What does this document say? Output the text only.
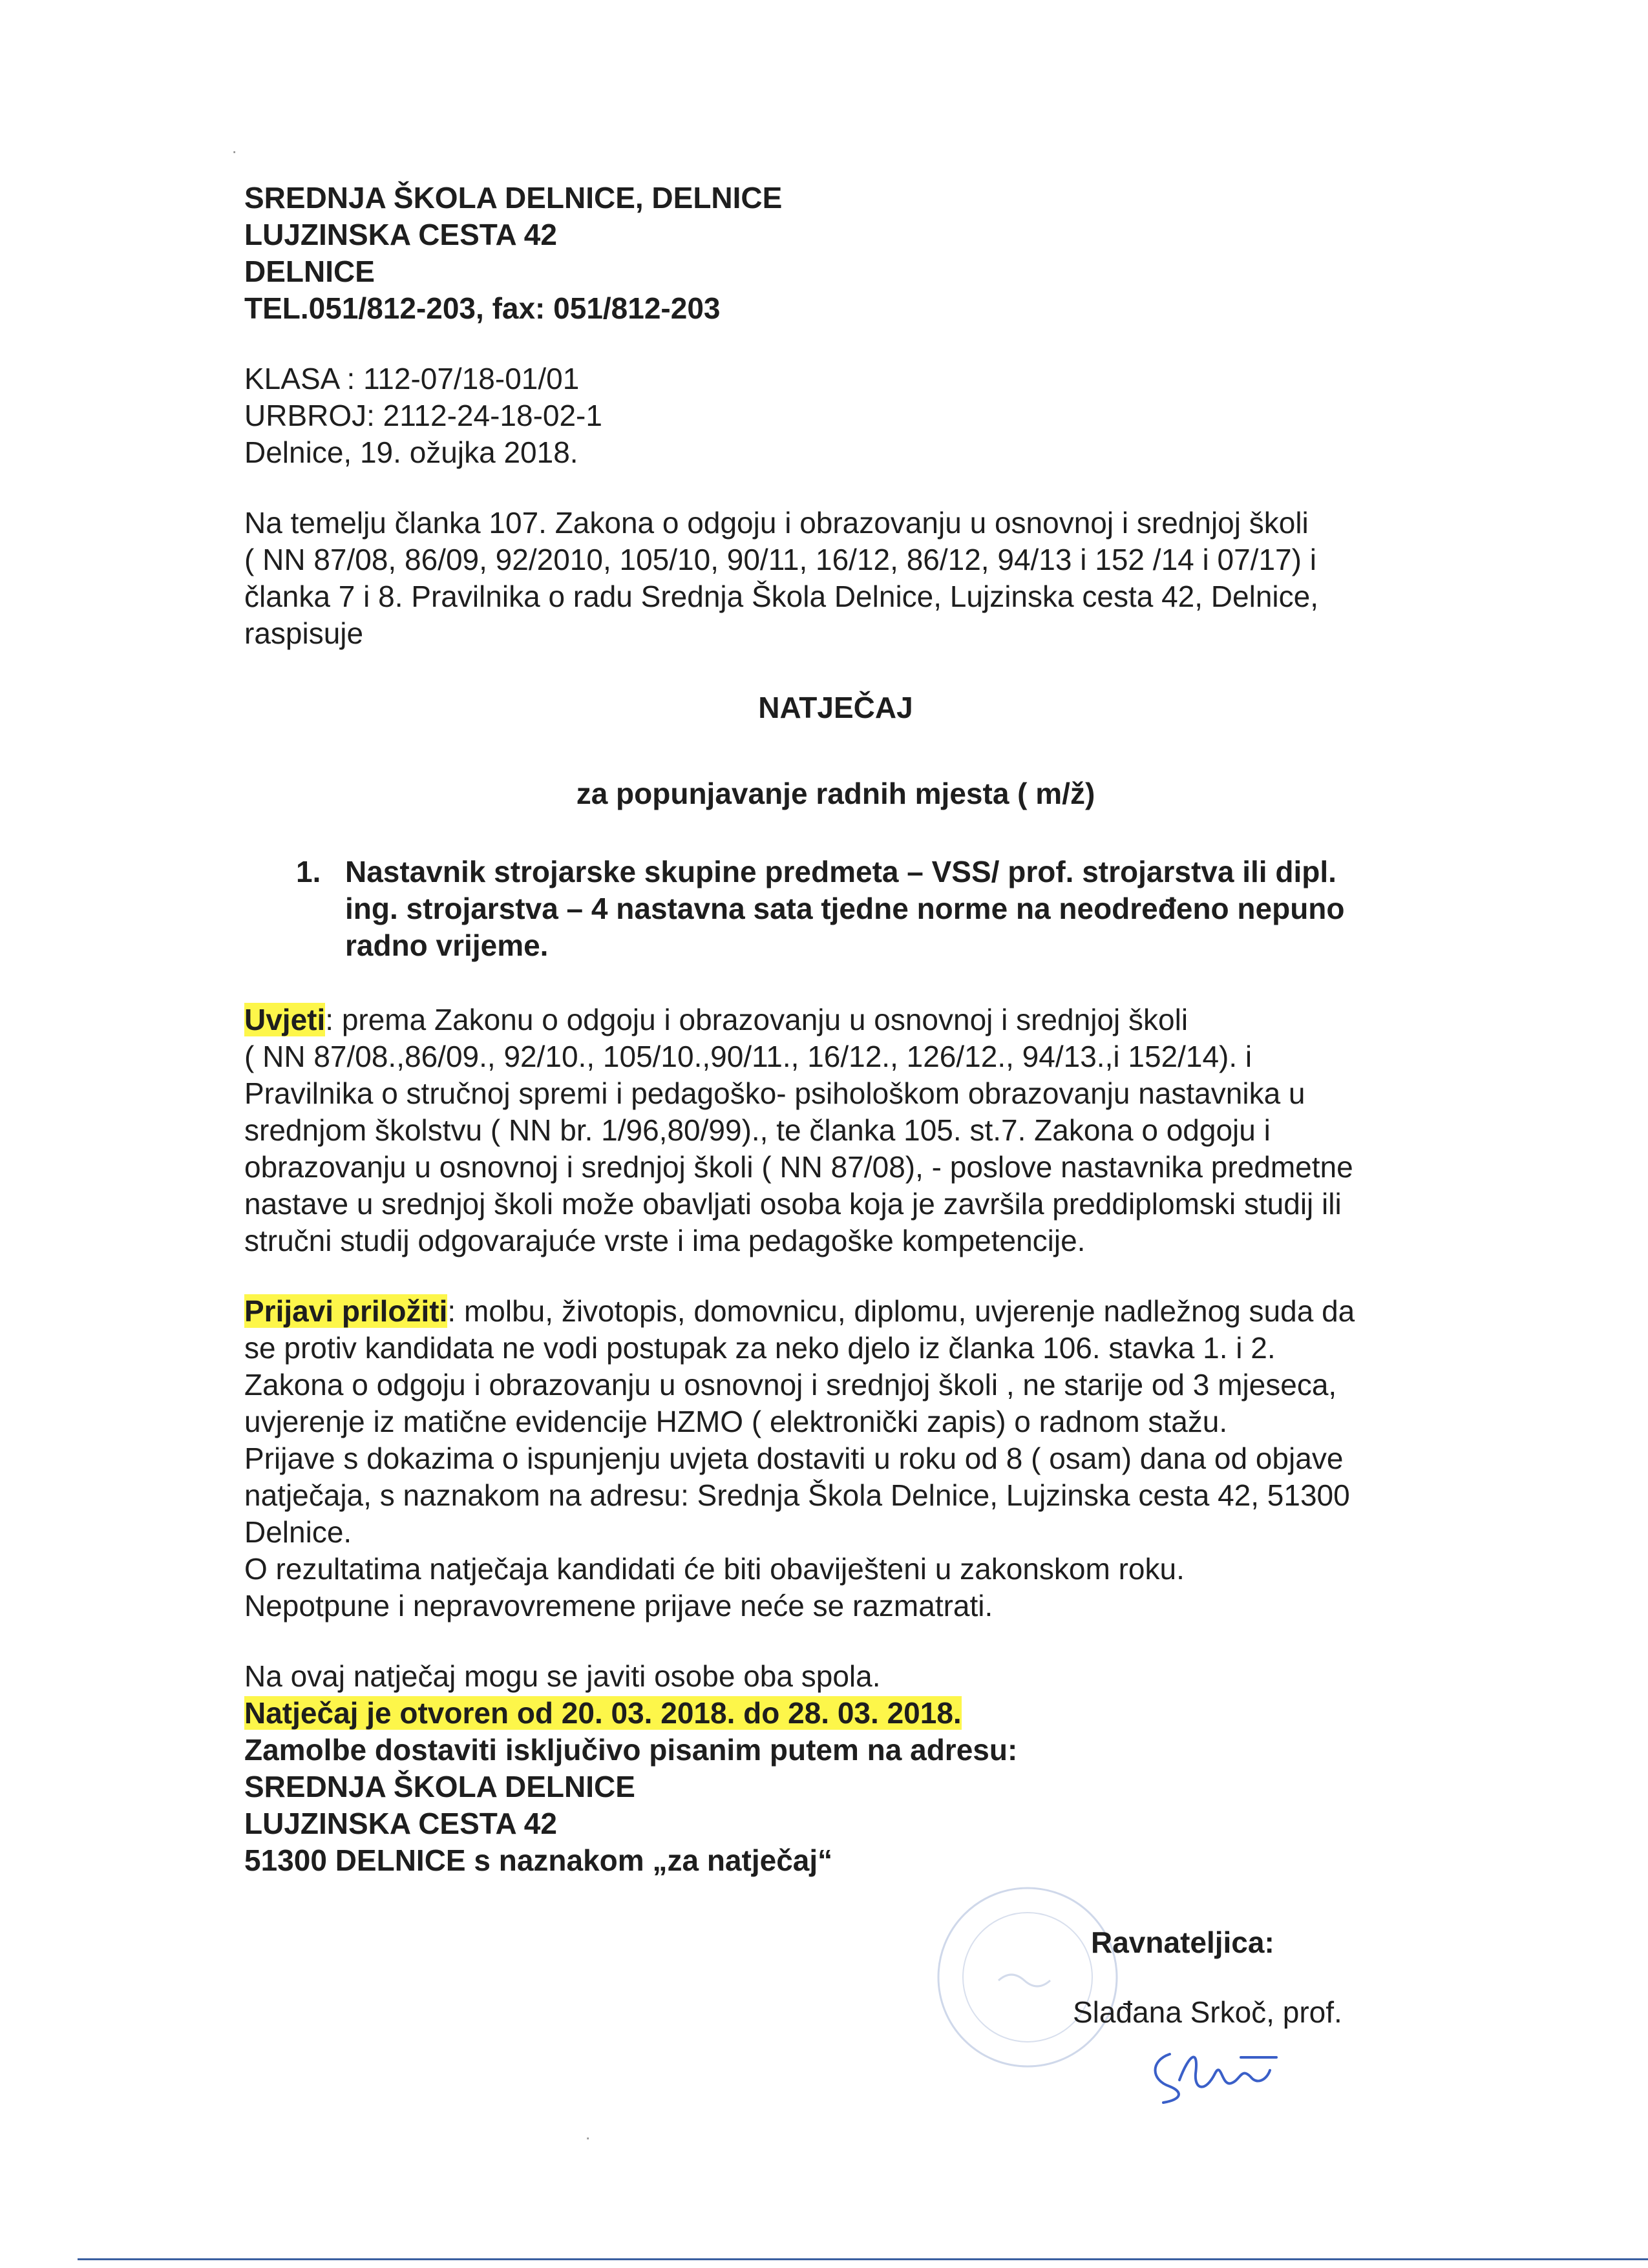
SREDNJA ŠKOLA DELNICE, DELNICE
LUJZINSKA CESTA 42
DELNICE
TEL.051/812-203, fax: 051/812-203
KLASA : 112-07/18-01/01
URBROJ: 2112-24-18-02-1
Delnice, 19. ožujka 2018.
Na temelju članka 107. Zakona o odgoju i obrazovanju u osnovnoj i srednjoj školi
( NN 87/08, 86/09, 92/2010, 105/10, 90/11, 16/12, 86/12, 94/13 i 152 /14 i 07/17) i
članka 7 i 8. Pravilnika o radu Srednja Škola Delnice, Lujzinska cesta 42, Delnice,
raspisuje
NATJEČAJ
za popunjavanje radnih mjesta ( m/ž)
1. Nastavnik strojarske skupine predmeta – VSS/ prof. strojarstva ili dipl.
ing. strojarstva – 4 nastavna sata tjedne norme na neodređeno nepuno
radno vrijeme.
Uvjeti: prema Zakonu o odgoju i obrazovanju u osnovnoj i srednjoj školi
( NN 87/08.,86/09., 92/10., 105/10.,90/11., 16/12., 126/12., 94/13.,i 152/14). i
Pravilnika o stručnoj spremi i pedagoško- psihološkom obrazovanju nastavnika u
srednjom školstvu ( NN br. 1/96,80/99)., te članka 105. st.7. Zakona o odgoju i
obrazovanju u osnovnoj i srednjoj školi ( NN 87/08), - poslove nastavnika predmetne
nastave u srednjoj školi može obavljati osoba koja je završila preddiplomski studij ili
stručni studij odgovarajuće vrste i ima pedagoške kompetencije.
Prijavi priložiti: molbu, životopis, domovnicu, diplomu, uvjerenje nadležnog suda da
se protiv kandidata ne vodi postupak za neko djelo iz članka 106. stavka 1. i 2.
Zakona o odgoju i obrazovanju u osnovnoj i srednjoj školi , ne starije od 3 mjeseca,
uvjerenje iz matične evidencije HZMO ( elektronički zapis) o radnom stažu.
Prijave s dokazima o ispunjenju uvjeta dostaviti u roku od 8 ( osam) dana od objave
natječaja, s naznakom na adresu: Srednja Škola Delnice, Lujzinska cesta 42, 51300
Delnice.
O rezultatima natječaja kandidati će biti obaviješteni u zakonskom roku.
Nepotpune i nepravovremene prijave neće se razmatrati.
Na ovaj natječaj mogu se javiti osobe oba spola.
Natječaj je otvoren od 20. 03. 2018. do 28. 03. 2018.
Zamolbe dostaviti isključivo pisanim putem na adresu:
SREDNJA ŠKOLA DELNICE
LUJZINSKA CESTA 42
51300 DELNICE s naznakom „za natječaj“
Ravnateljica:
Slađana Srkoč, prof.
·
·
